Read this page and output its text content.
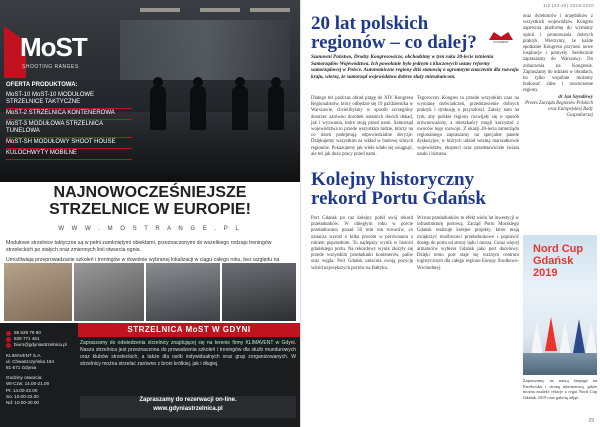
MoST
SHOOTING RANGES
OFERTA PRODUKTOWA:
MoST-10 MoST-10 MODUŁOWE STRZELNICE TAKTYCZNE
MoST-2 STRZELNICA KONTENEROWA
MoST-3 MODUŁOWA STRZELNICA TUNELOWA
MoST-SH MODUŁOWY SHOOT HOUSE
KULOCHWYTY MOBILNE
NAJNOWOCZEŚNIEJSZE
STRZELNICE W EUROPIE!
W W W . M O S T R A N G E . P L

Modułowe strzelnice taktyczne są w pełni zamkniętymi obiektami, przeznaczonymi do wszelkiego rodzaju treningów strzeleckich po stałych oraz zmiennych linii otwarcia ognia.

Umożliwiają przeprowadzanie szkoleń i treningów w dowolnie wybranej lokalizacji w ciągu całego roku, bez względu na

58 629 79 60
539 771 461
biuro@gdyniastrzelnica.pl
KLIMAVENT S.A.
ul. Chwaszczyńska 194
81-571 Gdynia
Godziny otwarcia:
Wt-Czw: 14.00-21.00
Pt: 14.00-22.00
So: 10.00-22.00
Nd: 10.00-20.00
STRZELNICA MoST W GDYNI
Zapraszamy do odwiedzenia strzelnicy znajdującej się na terenie firmy KLIMAVENT w Gdyni. Nasza strzelnica jest przeznaczona do prowadzenia szkoleń i treningów dla służb mundurowych oraz klubów strzeleckich, a także dla osób indywidualnych oraz grup zorganizowanych. W strzelnicy można strzelać zarówno z broni krótkiej, jak i długiej.
Zapraszamy do rezerwacji on-line.
www.gdyniastrzelnica.pl
1/2 (42-49) 2019/2020
20 lat polskich regionów – co dalej?	KONWENT
Szanowni Państwo, Drodzy Kongresowicze, obchodzimy w tym roku 20-lecie istnienia Samorządów Województwa. Ich powołanie było jednym z kluczowych ustaw reformy samorządowej w Polsce. Autonomiczne regiony dziś stanowią o ogromnym znaczeniu dla rozwoju kraju, wierzę, że samorząd województwa dobrze służy mieszkańcom.
Dlatego też podczas obrad pragę do XIV Kongresu Regionalistów, który odbędzie się 19 października w Warszawie, chcielibyśmy w sposób szczególny dostrzec zarówno dorobek ostatnich dwóch dekad, jak i wyzwania, które stoją przed nami. Samorząd województwa to przede wszystkim ludzie, którzy na co dzień podejmują odpowiedzialne decyzje. Dziękujemy wszystkim za wkład w budowę silnych regionów. Pokazujemy jak wiele udało się osiągnąć, ale też jak dużo pracy przed nami.
Tegoroczny Kongres to przede wszystkim czas na wymianę doświadczeń, przedstawienie dobrych praktyk i dyskusję o przyszłości. Zależy nam na tym, aby polskie regiony rozwijały się w sposób zrównoważony, a mieszkańcy mogli korzystać z owoców tego rozwoju. Z okazji 20-lecia samorządu regionalnego zapraszamy na specjalne panele dyskusyjne, w których udział wezmą marszałkowie województw, eksperci oraz przedstawiciele świata nauki i biznesu.
oraz dyrektorów i urzędników z wszystkich województw. Kongres zapewnia platformę do wymiany opinii i promowania dobrych praktyk. Wierzymy, że każde spotkanie Kongresu przynosi nowe inspiracje i pomysły. Serdecznie zapraszamy do Warszawy. Do zobaczenia na Kongresie. Zapraszamy do udziału w obradach, bo tylko wspólnie możemy budować silne i nowoczesne regiony.
dr Jan Szyndlewy
Prezes Zarządu Regionów Polskich oraz Europejskiej Rady Gospodarczej
Kolejny historyczny rekord Portu Gdańsk
Port Gdańsk po raz kolejny pobił swój rekord przeładunków. W ubiegłym roku w porcie przeładowano ponad 50 mln ton towarów, co oznacza wzrost o kilka procent w porównaniu z rokiem poprzednim. To najlepszy wynik w historii gdańskiego portu. Na rekordowy wynik złożyły się przede wszystkim przeładunki kontenerów, paliw oraz węgla. Port Gdańsk umacnia swoją pozycję wśród największych portów na Bałtyku.
Wzrost przeładunków to efekt wielu lat inwestycji w infrastrukturę portową. Zarząd Portu Morskiego Gdańsk realizuje kolejne projekty, które mają zwiększyć możliwości przeładunkowe i poprawić dostęp do portu od strony lądu i morza. Coraz więcej armatorów wybiera Gdańsk jako port docelowy. Dzięki temu port staje się ważnym centrum logistycznym dla całego regionu Europy Środkowo-Wschodniej.
Nord Cup Gdańsk 2019
Zapraszamy na naszą fanpage na Facebooku i stronę internetową, gdzie można znaleźć relacje z regat Nord Cup Gdańsk 2019 oraz galerię zdjęć.
29
